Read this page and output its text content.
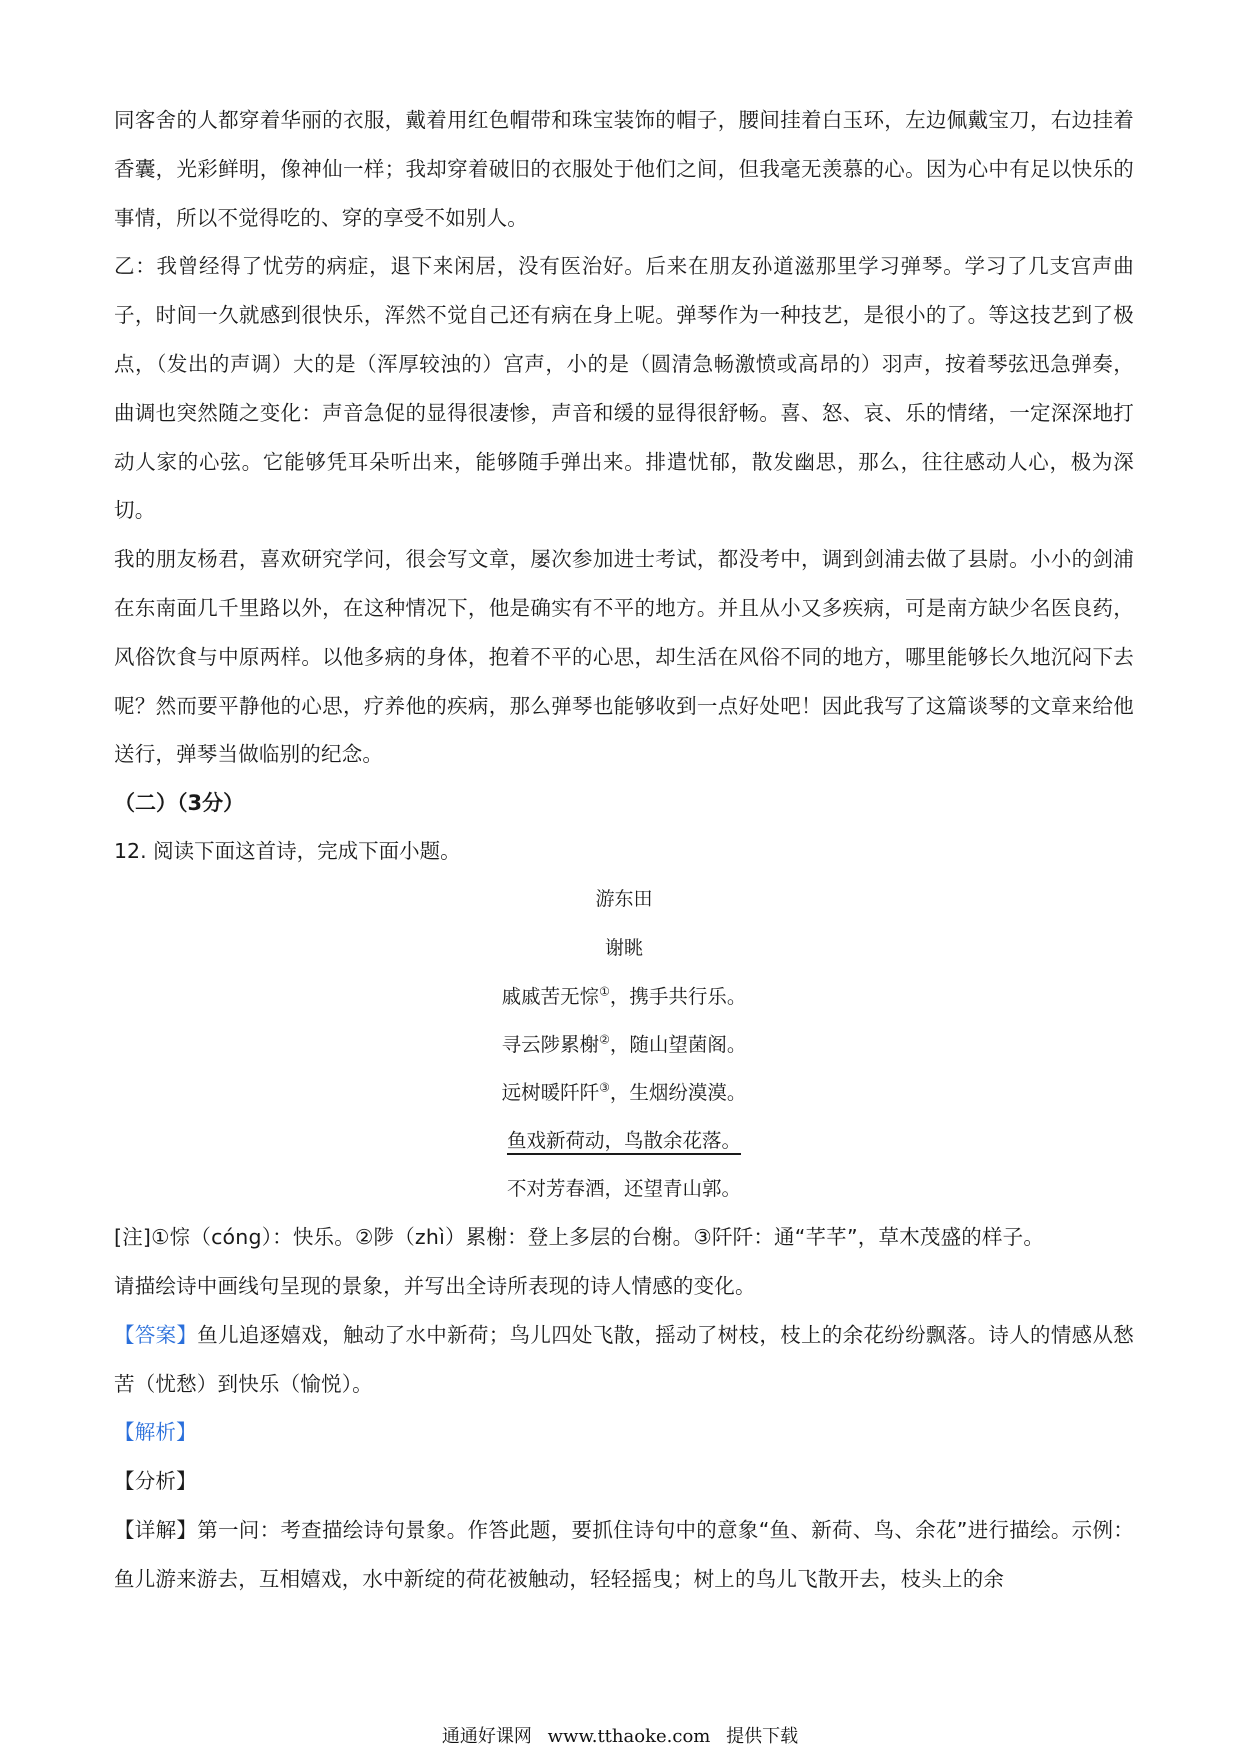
同客舍的人都穿着华丽的衣服，戴着用红色帽带和珠宝装饰的帽子，腰间挂着白玉环，左边佩戴宝刀，右边挂着香囊，光彩鲜明，像神仙一样；我却穿着破旧的衣服处于他们之间，但我毫无羡慕的心。因为心中有足以快乐的事情，所以不觉得吃的、穿的享受不如别人。

乙：我曾经得了忧劳的病症，退下来闲居，没有医治好。后来在朋友孙道滋那里学习弹琴。学习了几支宫声曲子，时间一久就感到很快乐，浑然不觉自己还有病在身上呢。弹琴作为一种技艺，是很小的了。等这技艺到了极点，（发出的声调）大的是（浑厚较浊的）宫声，小的是（圆清急畅激愤或高昂的）羽声，按着琴弦迅急弹奏，曲调也突然随之变化：声音急促的显得很凄惨，声音和缓的显得很舒畅。喜、怒、哀、乐的情绪，一定深深地打动人家的心弦。它能够凭耳朵听出来，能够随手弹出来。排遣忧郁，散发幽思，那么，往往感动人心，极为深切。

我的朋友杨君，喜欢研究学问，很会写文章，屡次参加进士考试，都没考中，调到剑浦去做了县尉。小小的剑浦在东南面几千里路以外，在这种情况下，他是确实有不平的地方。并且从小又多疾病，可是南方缺少名医良药，风俗饮食与中原两样。以他多病的身体，抱着不平的心思，却生活在风俗不同的地方，哪里能够长久地沉闷下去呢？然而要平静他的心思，疗养他的疾病，那么弹琴也能够收到一点好处吧！因此我写了这篇谈琴的文章来给他送行，弹琴当做临别的纪念。

（二）（3分）

12. 阅读下面这首诗，完成下面小题。

游东田

谢眺

戚戚苦无悰①，携手共行乐。

寻云陟累榭②，随山望菌阁。

远树暖阡阡③，生烟纷漠漠。

鱼戏新荷动，鸟散余花落。

不对芳春酒，还望青山郭。

[注]①悰（cóng）：快乐。②陟（zhì）累榭：登上多层的台榭。③阡阡：通“芊芊”，草木茂盛的样子。

请描绘诗中画线句呈现的景象，并写出全诗所表现的诗人情感的变化。

【答案】鱼儿追逐嬉戏，触动了水中新荷；鸟儿四处飞散，摇动了树枝，枝上的余花纷纷飘落。诗人的情感从愁苦（忧愁）到快乐（愉悦）。

【解析】

【分析】

【详解】第一问：考查描绘诗句景象。作答此题，要抓住诗句中的意象“鱼、新荷、鸟、余花”进行描绘。示例：鱼儿游来游去，互相嬉戏，水中新绽的荷花被触动，轻轻摇曳；树上的鸟儿飞散开去，枝头上的余

通通好课网 www.tthaoke.com 提供下载
